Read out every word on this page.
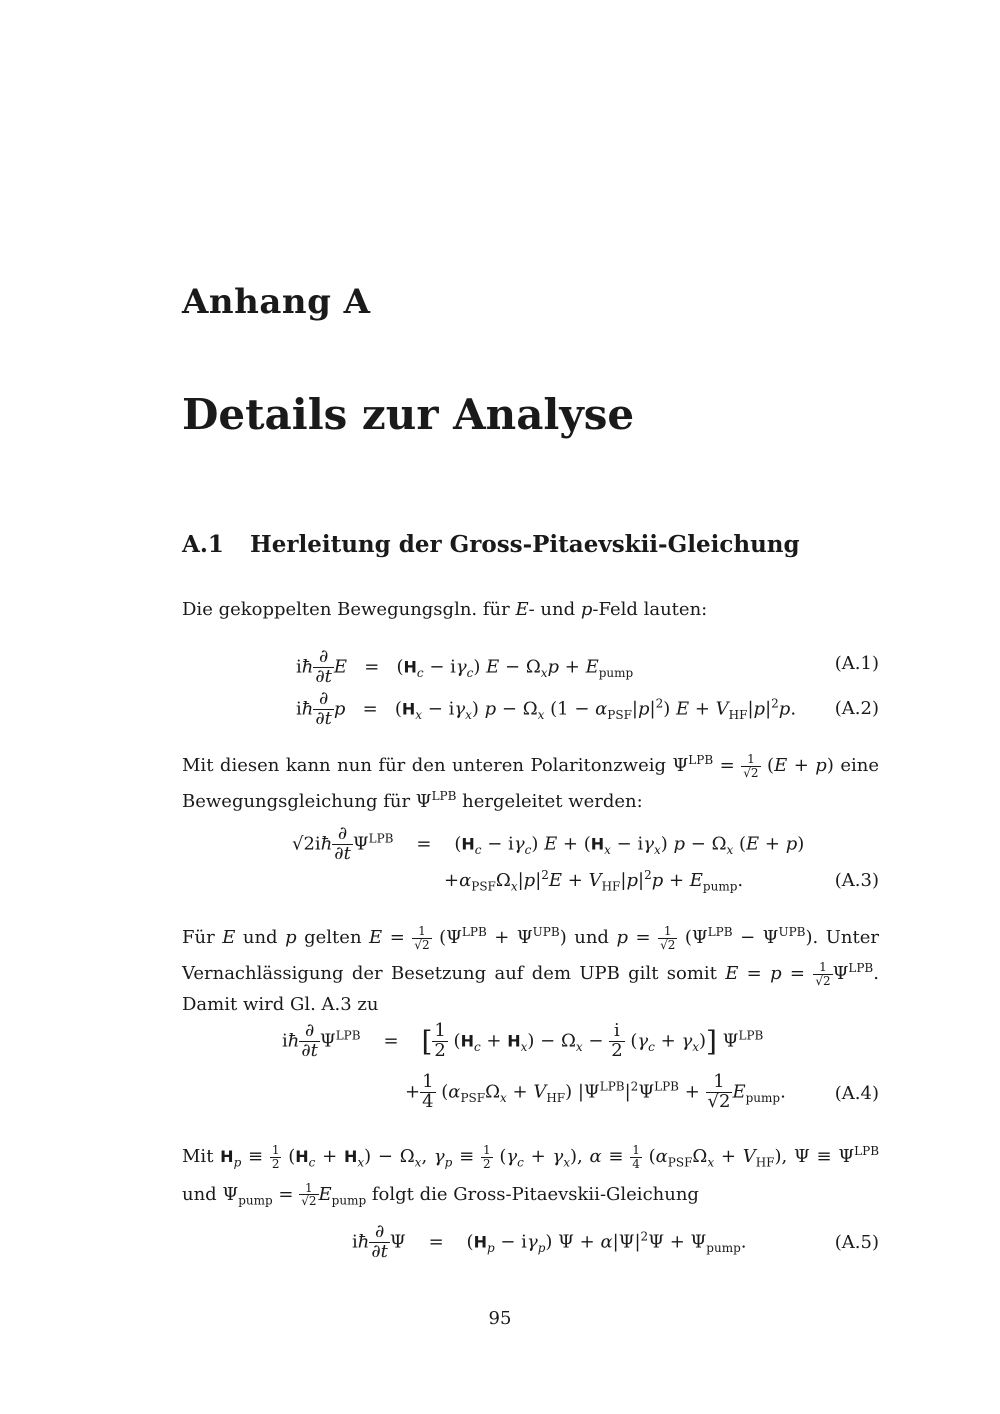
Anhang A
Details zur Analyse
A.1 Herleitung der Gross-Pitaevskii-Gleichung
Die gekoppelten Bewegungsgln. für E- und p-Feld lauten:
iħ $\frac{\partial}{\partial t}$ $E = (H_c - i\gamma_c) E - \Omega_xp + E_{pump}$	(A.1)
iħ $\frac{\partial}{\partial t}$ $p = (H_x - i\gamma_x) p - \Omega_x$ $(1 - \alpha_{PSF}|p|^2)$ $E + V_{HF}|p|^2p$. (A.2)
Mit diesen kann nun für den unteren Polaritonzweig $\Psi^{LPB} = \frac{1}{√2} (E + p)$ eine Bewegungsgleichung für $\Psi^{LPB}$ hergeleitet werden:
√2iħ $\frac{\partial}{\partial t} \Psi^{LPB}$    =    $(H_c - i\gamma_c) E + (H_x - i\gamma_x) p - \Omega_x$ (E + p)
$+\alpha_{PSF}\Omega_x|p|^2E + V_{HF}|p|^2p + E_{pump}$.	(A.3)
Für E und p gelten $E = \frac{1}{√2} (\Psi^{LPB} + \Psi^{UPB})$ und $p = \frac{1}{√2} (\Psi^{LPB} - \Psi^{UPB})$. Unter Vernachlässigung der Besetzung auf dem UPB gilt somit $E = p = \frac{1}{√2} \Psi^{LPB}$. Damit wird Gl. A.3 zu
iħ $\frac{\partial}{\partial t} \Psi^{LPB}$    =    [ $\frac{1}{2} (H_c + H_x) - \Omega_x - \frac{i}{2} (\gamma_c + \gamma_x)$] $\Psi^{LPB}$
+ $\frac{1}{4} (\alpha_{PSF}\Omega_x + V_{HF}) |\Psi^{LPB}|^2\Psi^{LPB} + \frac{1}{√2} E_{pump}$.	(A.4)
Mit $H_p \equiv \frac{1}{2} (H_c + H_x) - \Omega_x$, $\gamma_p \equiv \frac{1}{2} (\gamma_c + \gamma_x)$, $\alpha \equiv \frac{1}{4} (\alpha_{PSF}\Omega_x + V_{HF})$, $\Psi \equiv \Psi^{LPB}$ und $\Psi_{pump} = \frac{1}{√2} E_{pump}$ folgt die Gross-Pitaevskii-Gleichung
iħ $\frac{\partial}{\partial t}$ Ψ    =    $(H_p - i\gamma_p) \Psi + \alpha|\Psi|^2\Psi + \Psi_{pump}$.	(A.5)
95
